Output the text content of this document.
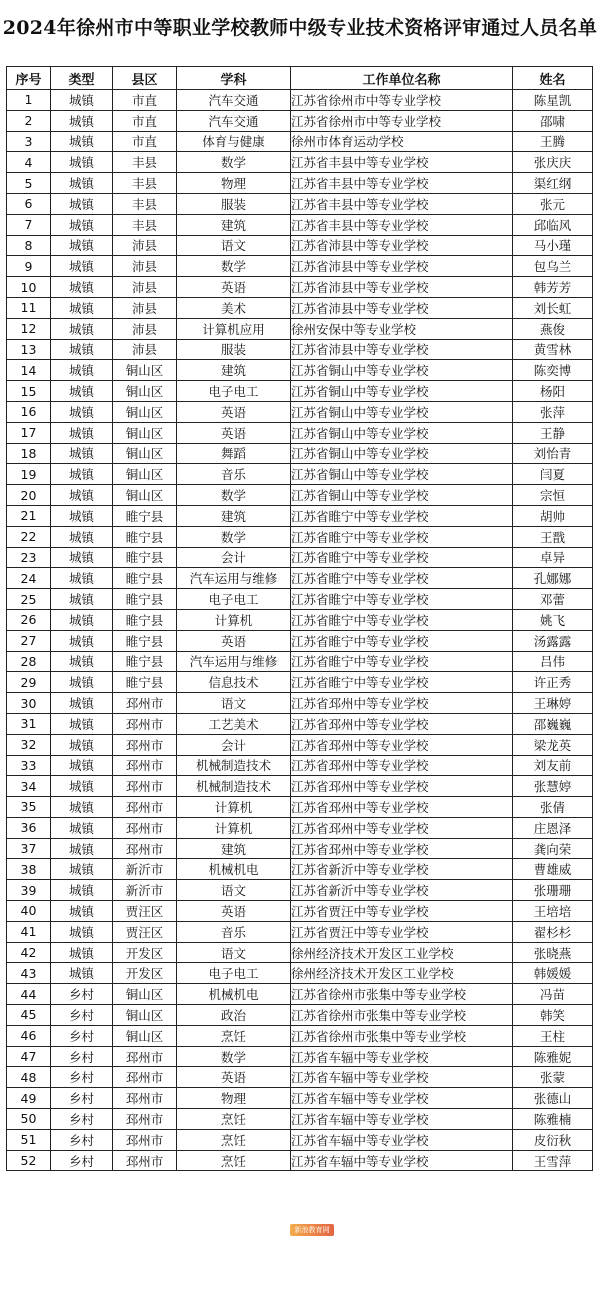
2024年徐州市中等职业学校教师中级专业技术资格评审通过人员名单
序号	类型	县区	学科	工作单位名称	姓名
1	城镇	市直	汽车交通	江苏省徐州市中等专业学校	陈星凯
2	城镇	市直	汽车交通	江苏省徐州市中等专业学校	邵啸
3	城镇	市直	体育与健康	徐州市体育运动学校	王腾
4	城镇	丰县	数学	江苏省丰县中等专业学校	张庆庆
5	城镇	丰县	物理	江苏省丰县中等专业学校	渠红纲
6	城镇	丰县	服装	江苏省丰县中等专业学校	张元
7	城镇	丰县	建筑	江苏省丰县中等专业学校	邱临风
8	城镇	沛县	语文	江苏省沛县中等专业学校	马小瑾
9	城镇	沛县	数学	江苏省沛县中等专业学校	包乌兰
10	城镇	沛县	英语	江苏省沛县中等专业学校	韩芳芳
11	城镇	沛县	美术	江苏省沛县中等专业学校	刘长虹
12	城镇	沛县	计算机应用	徐州安保中等专业学校	燕俊
13	城镇	沛县	服装	江苏省沛县中等专业学校	黄雪林
14	城镇	铜山区	建筑	江苏省铜山中等专业学校	陈奕博
15	城镇	铜山区	电子电工	江苏省铜山中等专业学校	杨阳
16	城镇	铜山区	英语	江苏省铜山中等专业学校	张萍
17	城镇	铜山区	英语	江苏省铜山中等专业学校	王静
18	城镇	铜山区	舞蹈	江苏省铜山中等专业学校	刘怡青
19	城镇	铜山区	音乐	江苏省铜山中等专业学校	闫夏
20	城镇	铜山区	数学	江苏省铜山中等专业学校	宗恒
21	城镇	睢宁县	建筑	江苏省睢宁中等专业学校	胡帅
22	城镇	睢宁县	数学	江苏省睢宁中等专业学校	王戬
23	城镇	睢宁县	会计	江苏省睢宁中等专业学校	卓异
24	城镇	睢宁县	汽车运用与维修	江苏省睢宁中等专业学校	孔娜娜
25	城镇	睢宁县	电子电工	江苏省睢宁中等专业学校	邓蕾
26	城镇	睢宁县	计算机	江苏省睢宁中等专业学校	姚飞
27	城镇	睢宁县	英语	江苏省睢宁中等专业学校	汤露露
28	城镇	睢宁县	汽车运用与维修	江苏省睢宁中等专业学校	吕伟
29	城镇	睢宁县	信息技术	江苏省睢宁中等专业学校	许正秀
30	城镇	邳州市	语文	江苏省邳州中等专业学校	王琳婷
31	城镇	邳州市	工艺美术	江苏省邳州中等专业学校	邵巍巍
32	城镇	邳州市	会计	江苏省邳州中等专业学校	梁龙英
33	城镇	邳州市	机械制造技术	江苏省邳州中等专业学校	刘友前
34	城镇	邳州市	机械制造技术	江苏省邳州中等专业学校	张慧婷
35	城镇	邳州市	计算机	江苏省邳州中等专业学校	张倩
36	城镇	邳州市	计算机	江苏省邳州中等专业学校	庄恩泽
37	城镇	邳州市	建筑	江苏省邳州中等专业学校	龚向荣
38	城镇	新沂市	机械机电	江苏省新沂中等专业学校	曹雄威
39	城镇	新沂市	语文	江苏省新沂中等专业学校	张珊珊
40	城镇	贾汪区	英语	江苏省贾汪中等专业学校	王培培
41	城镇	贾汪区	音乐	江苏省贾汪中等专业学校	翟杉杉
42	城镇	开发区	语文	徐州经济技术开发区工业学校	张晓燕
43	城镇	开发区	电子电工	徐州经济技术开发区工业学校	韩媛媛
44	乡村	铜山区	机械机电	江苏省徐州市张集中等专业学校	冯苗
45	乡村	铜山区	政治	江苏省徐州市张集中等专业学校	韩笑
46	乡村	铜山区	烹饪	江苏省徐州市张集中等专业学校	王柱
47	乡村	邳州市	数学	江苏省车辐中等专业学校	陈雅妮
48	乡村	邳州市	英语	江苏省车辐中等专业学校	张蒙
49	乡村	邳州市	物理	江苏省车辐中等专业学校	张德山
50	乡村	邳州市	烹饪	江苏省车辐中等专业学校	陈雅楠
51	乡村	邳州市	烹饪	江苏省车辐中等专业学校	皮衍秋
52	乡村	邳州市	烹饪	江苏省车辐中等专业学校	王雪萍
新浪教育网
